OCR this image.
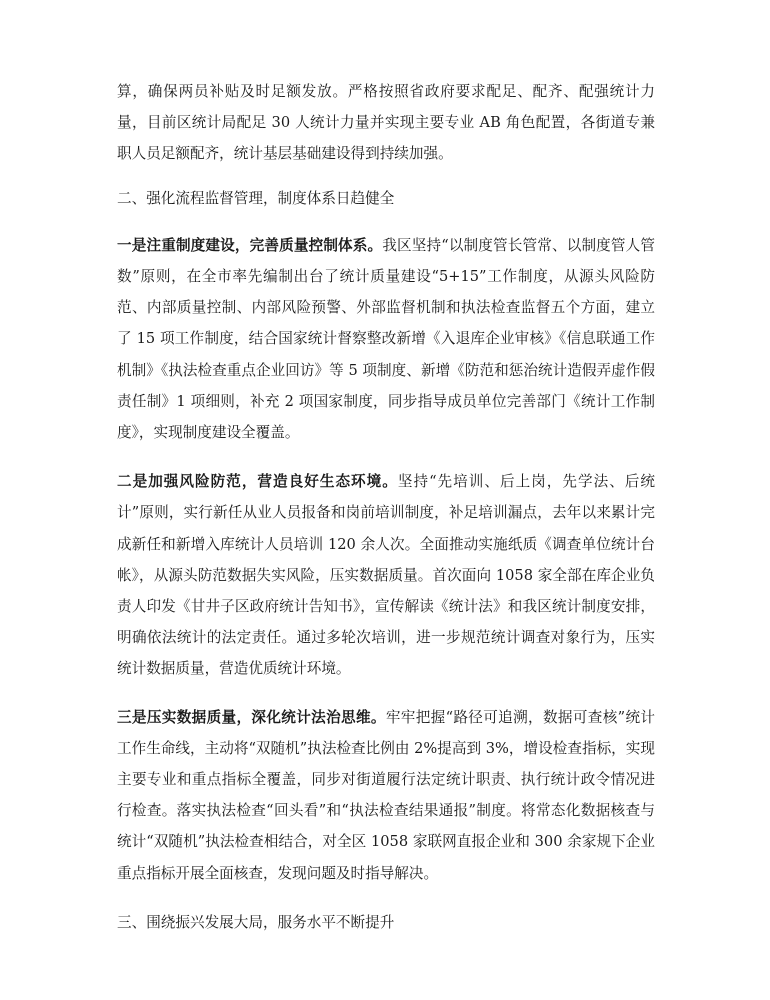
算，确保两员补贴及时足额发放。严格按照省政府要求配足、配齐、配强统计力量，目前区统计局配足 30 人统计力量并实现主要专业 AB 角色配置，各街道专兼职人员足额配齐，统计基层基础建设得到持续加强。

二、强化流程监督管理，制度体系日趋健全

一是注重制度建设，完善质量控制体系。我区坚持“以制度管长管常、以制度管人管数”原则，在全市率先编制出台了统计质量建设“5+15”工作制度，从源头风险防范、内部质量控制、内部风险预警、外部监督机制和执法检查监督五个方面，建立了 15 项工作制度，结合国家统计督察整改新增《入退库企业审核》《信息联通工作机制》《执法检查重点企业回访》等 5 项制度、新增《防范和惩治统计造假弄虚作假责任制》1 项细则，补充 2 项国家制度，同步指导成员单位完善部门《统计工作制度》，实现制度建设全覆盖。

二是加强风险防范，营造良好生态环境。坚持“先培训、后上岗，先学法、后统计”原则，实行新任从业人员报备和岗前培训制度，补足培训漏点，去年以来累计完成新任和新增入库统计人员培训 120 余人次。全面推动实施纸质《调查单位统计台帐》，从源头防范数据失实风险，压实数据质量。首次面向 1058 家全部在库企业负责人印发《甘井子区政府统计告知书》，宣传解读《统计法》和我区统计制度安排，明确依法统计的法定责任。通过多轮次培训，进一步规范统计调查对象行为，压实统计数据质量，营造优质统计环境。

三是压实数据质量，深化统计法治思维。牢牢把握“路径可追溯，数据可查核”统计工作生命线，主动将“双随机”执法检查比例由 2%提高到 3%，增设检查指标，实现主要专业和重点指标全覆盖，同步对街道履行法定统计职责、执行统计政令情况进行检查。落实执法检查“回头看”和“执法检查结果通报”制度。将常态化数据核查与统计“双随机”执法检查相结合，对全区 1058 家联网直报企业和 300 余家规下企业重点指标开展全面核查，发现问题及时指导解决。

三、围绕振兴发展大局，服务水平不断提升
